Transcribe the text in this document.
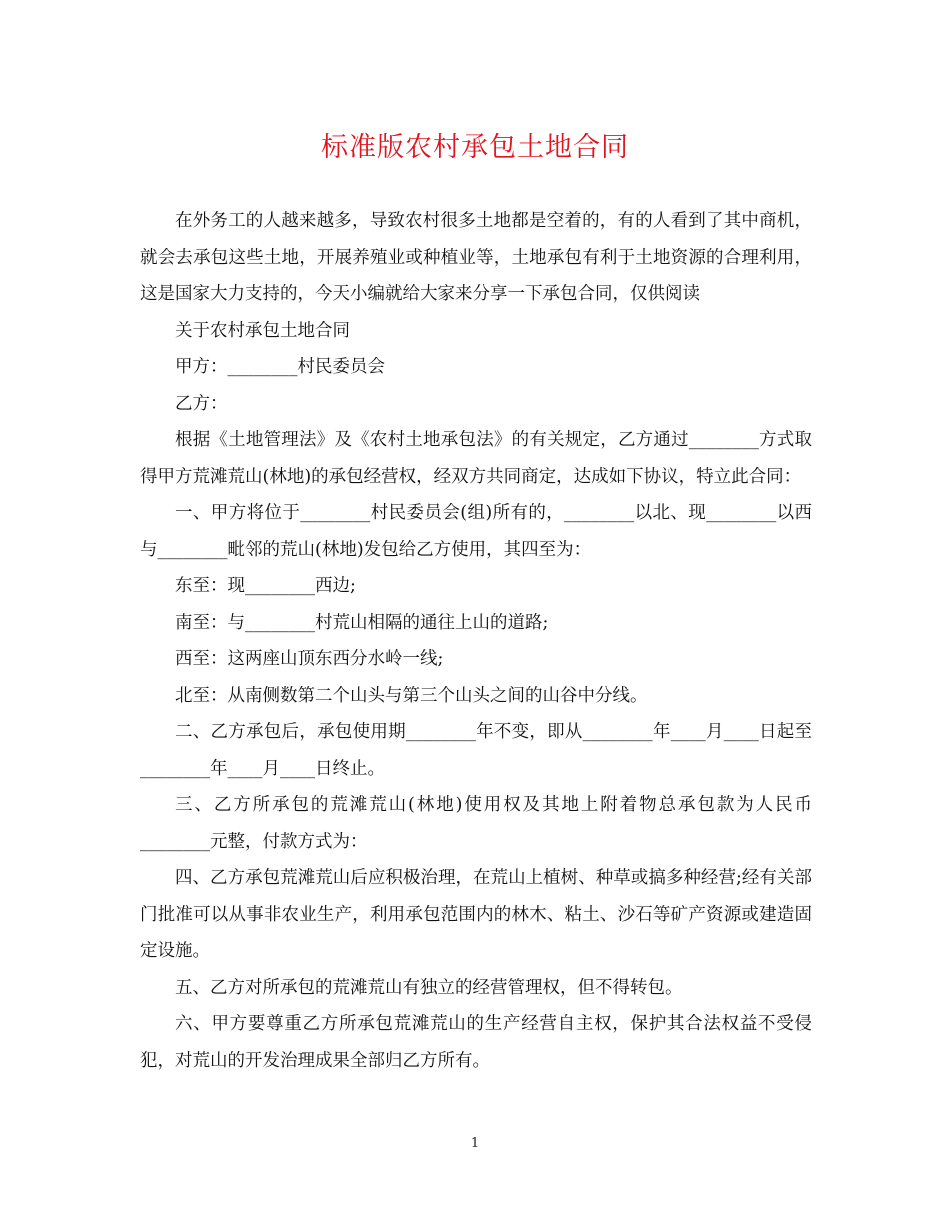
标准版农村承包土地合同

在外务工的人越来越多，导致农村很多土地都是空着的，有的人看到了其中商机，就会去承包这些土地，开展养殖业或种植业等，土地承包有利于土地资源的合理利用，这是国家大力支持的，今天小编就给大家来分享一下承包合同，仅供阅读

关于农村承包土地合同

甲方：________村民委员会

乙方：

根据《土地管理法》及《农村土地承包法》的有关规定，乙方通过________方式取得甲方荒滩荒山(林地)的承包经营权，经双方共同商定，达成如下协议，特立此合同：

一、甲方将位于________村民委员会(组)所有的，________以北、现________以西与________毗邻的荒山(林地)发包给乙方使用，其四至为：

东至：现________西边;

南至：与________村荒山相隔的通往上山的道路;

西至：这两座山顶东西分水岭一线;

北至：从南侧数第二个山头与第三个山头之间的山谷中分线。

二、乙方承包后，承包使用期________年不变，即从________年____月____日起至________年____月____日终止。

三、乙方所承包的荒滩荒山(林地)使用权及其地上附着物总承包款为人民币________元整，付款方式为：

四、乙方承包荒滩荒山后应积极治理，在荒山上植树、种草或搞多种经营;经有关部门批准可以从事非农业生产，利用承包范围内的林木、粘土、沙石等矿产资源或建造固定设施。

五、乙方对所承包的荒滩荒山有独立的经营管理权，但不得转包。

六、甲方要尊重乙方所承包荒滩荒山的生产经营自主权，保护其合法权益不受侵犯，对荒山的开发治理成果全部归乙方所有。

1
